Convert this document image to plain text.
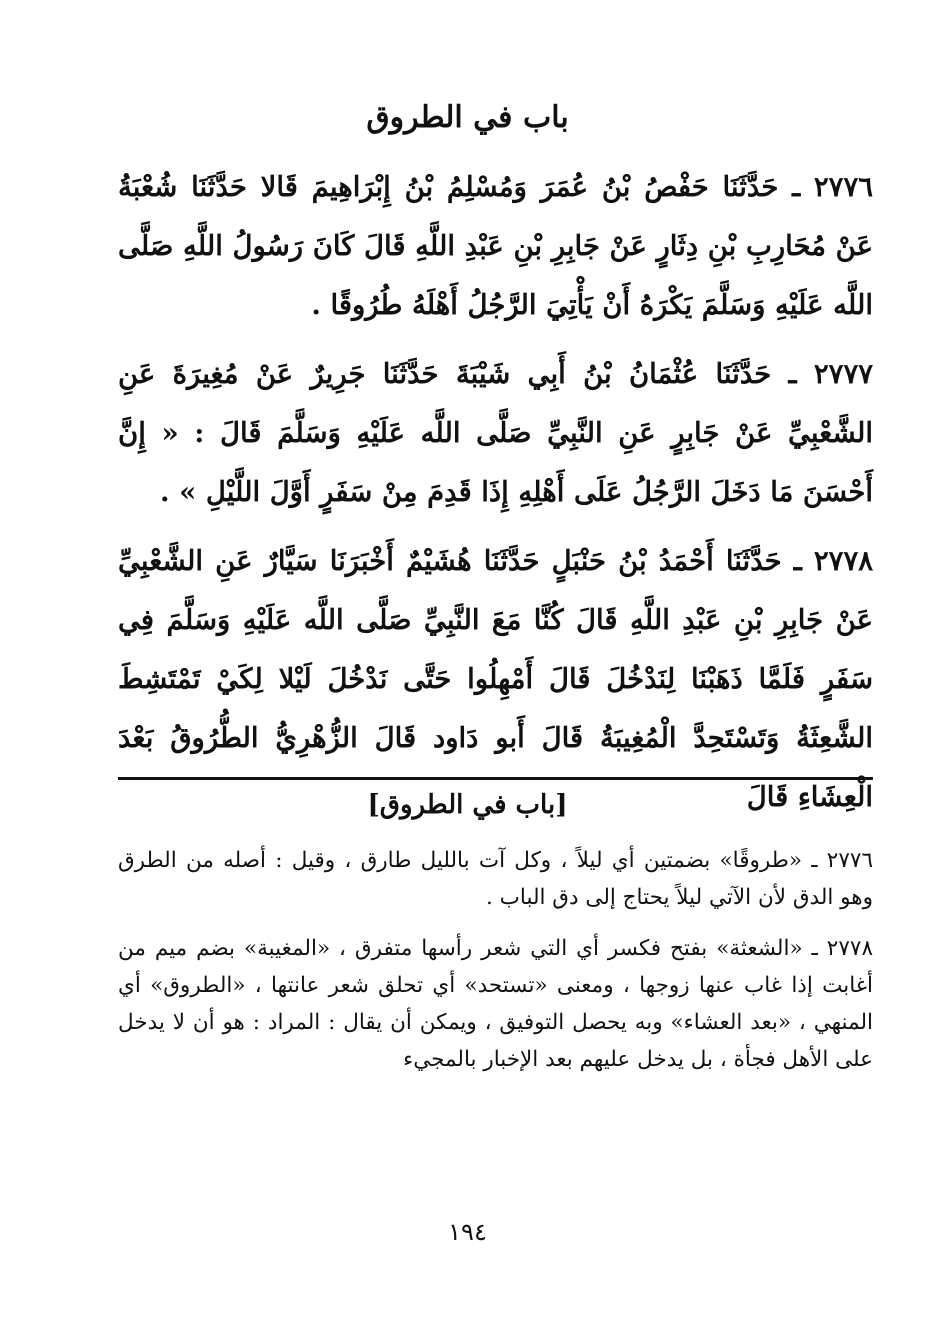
باب في الطروق

٢٧٧٦ ـ حَدَّثَنَا حَفْصُ بْنُ عُمَرَ وَمُسْلِمُ بْنُ إِبْرَاهِيمَ قَالا حَدَّثَنَا شُعْبَةُ عَنْ مُحَارِبِ بْنِ دِثَارٍ عَنْ جَابِرِ بْنِ عَبْدِ اللَّهِ قَالَ كَانَ رَسُولُ اللَّهِ صَلَّى اللَّه عَلَيْهِ وَسَلَّمَ يَكْرَهُ أَنْ يَأْتِيَ الرَّجُلُ أَهْلَهُ طُرُوقًا .

٢٧٧٧ ـ حَدَّثَنَا عُثْمَانُ بْنُ أَبِي شَيْبَةَ حَدَّثَنَا جَرِيرٌ عَنْ مُغِيرَةَ عَنِ الشَّعْبِيِّ عَنْ جَابِرٍ عَنِ النَّبِيِّ صَلَّى اللَّه عَلَيْهِ وَسَلَّمَ قَالَ : « إِنَّ أَحْسَنَ مَا دَخَلَ الرَّجُلُ عَلَى أَهْلِهِ إِذَا قَدِمَ مِنْ سَفَرٍ أَوَّلَ اللَّيْلِ » .

٢٧٧٨ ـ حَدَّثَنَا أَحْمَدُ بْنُ حَنْبَلٍ حَدَّثَنَا هُشَيْمٌ أَخْبَرَنَا سَيَّارٌ عَنِ الشَّعْبِيِّ عَنْ جَابِرِ بْنِ عَبْدِ اللَّهِ قَالَ كُنَّا مَعَ النَّبِيِّ صَلَّى اللَّه عَلَيْهِ وَسَلَّمَ فِي سَفَرٍ فَلَمَّا ذَهَبْنَا لِنَدْخُلَ قَالَ أَمْهِلُوا حَتَّى نَدْخُلَ لَيْلا لِكَيْ تَمْتَشِطَ الشَّعِثَةُ وَتَسْتَحِدَّ الْمُغِيبَةُ قَالَ أَبو دَاود قَالَ الزُّهْرِيُّ الطُّرُوقُ بَعْدَ الْعِشَاءِ قَالَ

[باب في الطروق]

٢٧٧٦ ـ «طروقًا» بضمتين أي ليلاً ، وكل آت بالليل طارق ، وقيل : أصله من الطرق وهو الدق لأن الآتي ليلاً يحتاج إلى دق الباب .

٢٧٧٨ ـ «الشعثة» بفتح فكسر أي التي شعر رأسها متفرق ، «المغيبة» بضم ميم من أغابت إذا غاب عنها زوجها ، ومعنى «تستحد» أي تحلق شعر عانتها ، «الطروق» أي المنهي ، «بعد العشاء» وبه يحصل التوفيق ، ويمكن أن يقال : المراد : هو أن لا يدخل على الأهل فجأة ، بل يدخل عليهم بعد الإخبار بالمجيء

١٩٤
